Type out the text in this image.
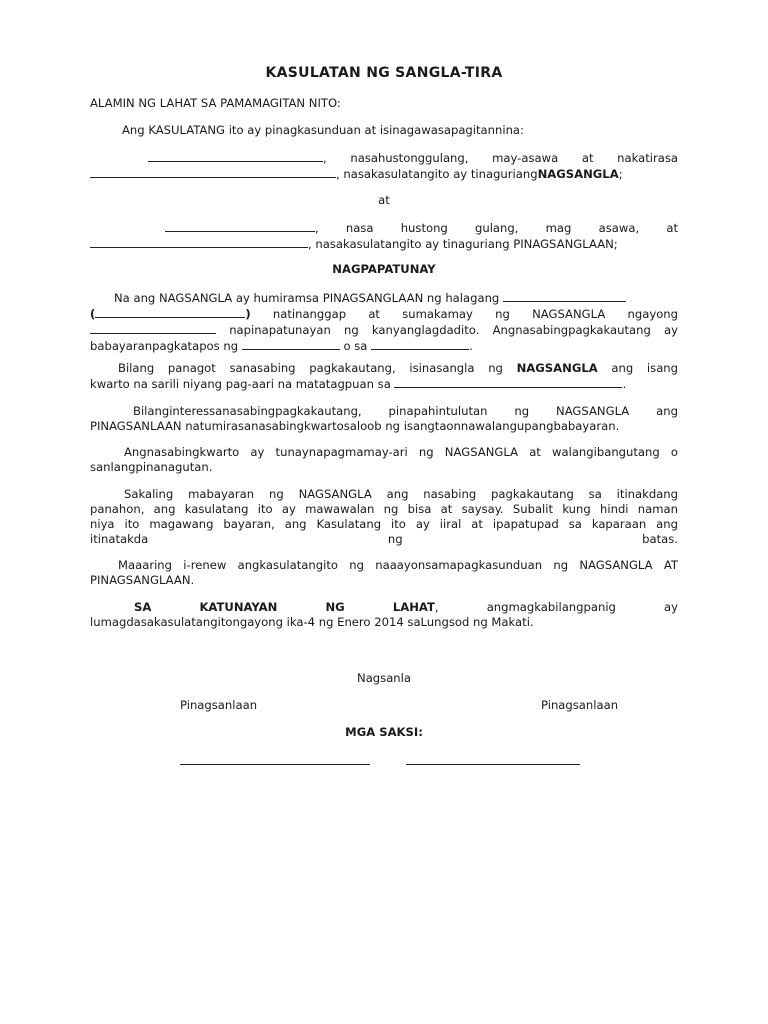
KASULATAN NG SANGLA-TIRA
ALAMIN NG LAHAT SA PAMAMAGITAN NITO:
Ang KASULATANG ito ay pinagkasunduan at isinagawasapagitannina:
, nasahustonggulang, may-asawa at nakatirasa
, nasakasulatangito ay tinaguriangNAGSANGLA;
at
, nasa hustong gulang, mag asawa, at
, nasakasulatangito ay tinaguriang PINAGSANGLAAN;
NAGPAPATUNAY
Na ang NAGSANGLA ay humiramsa PINAGSANGLAAN ng halagang
(	) natinanggap at sumakamay ng NAGSANGLA ngayong
napinapatunayan ng kanyanglagdadito. Angnasabingpagkakautang ay
babayaranpagkatapos ng	o sa	.
Bilang panagot sanasabing pagkakautang, isinasangla ng NAGSANGLA ang isang
kwarto na sarili niyang pag-aari na matatagpuan sa	.
Bilanginteressanasabingpagkakautang, pinapahintulutan ng NAGSANGLA ang
PINAGSANLAAN natumirasanasabingkwartosaloob ng isangtaonnawalangupangbabayaran.
Angnasabingkwarto ay tunaynapagmamay-ari ng NAGSANGLA at walangibangutang o
sanlangpinanagutan.
Sakaling mabayaran ng NAGSANGLA ang nasabing pagkakautang sa itinakdang
panahon, ang kasulatang ito ay mawawalan ng bisa at saysay. Subalit kung hindi naman
niya ito magawang bayaran, ang Kasulatang ito ay iiral at ipapatupad sa kaparaan ang
itinatakda	ng	batas.
Maaaring i-renew angkasulatangito ng naaayonsamapagkasunduan ng NAGSANGLA AT
PINAGSANGLAAN.
SA	KATUNAYAN	NG	LAHAT,	angmagkabilangpanig	ay
lumagdasakasulatangitongayong ika-4 ng Enero 2014 saLungsod ng Makati.
Nagsanla
Pinagsanlaan	Pinagsanlaan
MGA SAKSI:
